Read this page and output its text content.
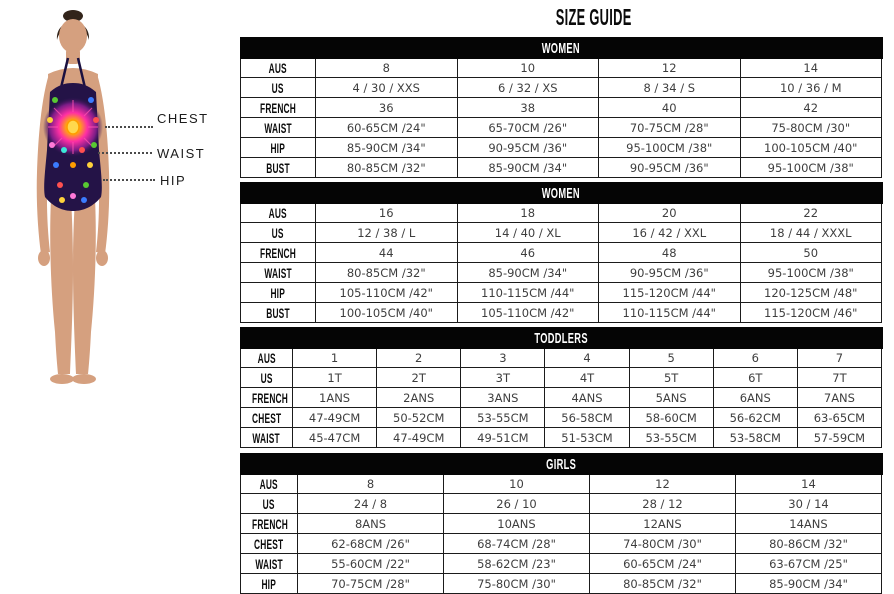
CHEST
WAIST
HIP
SIZE GUIDE
WOMEN				
AUS	8	10	12	14
US	4 / 30 / XXS	6 / 32 / XS	8 / 34 / S	10 / 36 / M
FRENCH	36	38	40	42
WAIST	60-65CM /24"	65-70CM /26"	70-75CM /28"	75-80CM /30"
HIP	85-90CM /34"	90-95CM /36"	95-100CM /38"	100-105CM /40"
BUST	80-85CM /32"	85-90CM /34"	90-95CM /36"	95-100CM /38"
WOMEN				
AUS	16	18	20	22
US	12 / 38 / L	14 / 40 / XL	16 / 42 / XXL	18 / 44 / XXXL
FRENCH	44	46	48	50
WAIST	80-85CM /32"	85-90CM /34"	90-95CM /36"	95-100CM /38"
HIP	105-110CM /42"	110-115CM /44"	115-120CM /44"	120-125CM /48"
BUST	100-105CM /40"	105-110CM /42"	110-115CM /44"	115-120CM /46"
TODDLERS							
AUS	1	2	3	4	5	6	7
US	1T	2T	3T	4T	5T	6T	7T
FRENCH	1ANS	2ANS	3ANS	4ANS	5ANS	6ANS	7ANS
CHEST	47-49CM	50-52CM	53-55CM	56-58CM	58-60CM	56-62CM	63-65CM
WAIST	45-47CM	47-49CM	49-51CM	51-53CM	53-55CM	53-58CM	57-59CM
GIRLS				
AUS	8	10	12	14
US	24 / 8	26 / 10	28 / 12	30 / 14
FRENCH	8ANS	10ANS	12ANS	14ANS
CHEST	62-68CM /26"	68-74CM /28"	74-80CM /30"	80-86CM /32"
WAIST	55-60CM /22"	58-62CM /23"	60-65CM /24"	63-67CM /25"
HIP	70-75CM /28"	75-80CM /30"	80-85CM /32"	85-90CM /34"
